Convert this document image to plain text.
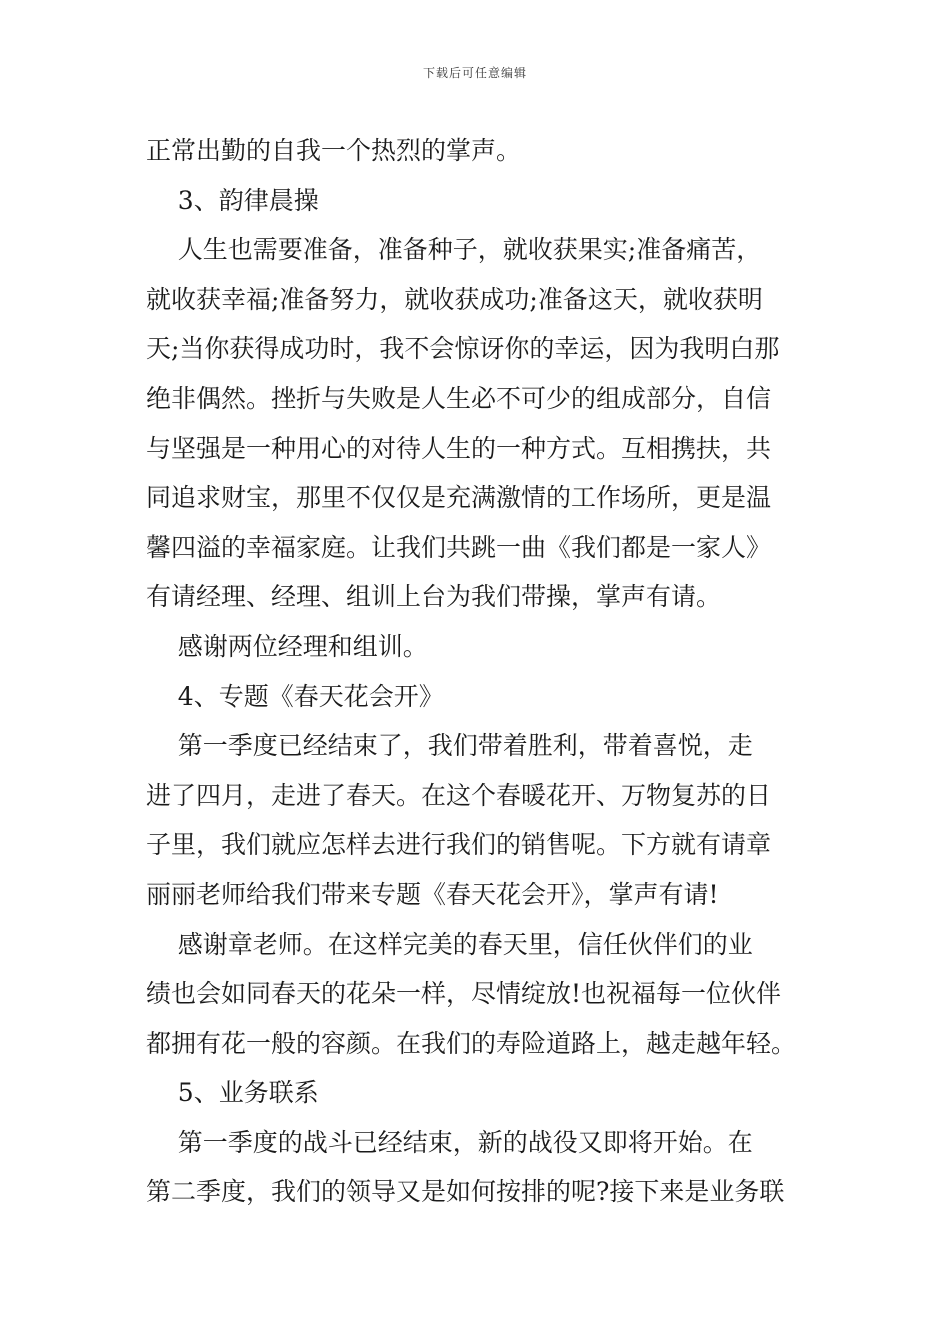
下载后可任意编辑

正常出勤的自我一个热烈的掌声。

3、韵律晨操

人生也需要准备，准备种子，就收获果实;准备痛苦，

就收获幸福;准备努力，就收获成功;准备这天，就收获明

天;当你获得成功时，我不会惊讶你的幸运，因为我明白那

绝非偶然。挫折与失败是人生必不可少的组成部分，自信

与坚强是一种用心的对待人生的一种方式。互相携扶，共

同追求财宝，那里不仅仅是充满激情的工作场所，更是温

馨四溢的幸福家庭。让我们共跳一曲《我们都是一家人》

有请经理、经理、组训上台为我们带操，掌声有请。

感谢两位经理和组训。

4、专题《春天花会开》

第一季度已经结束了，我们带着胜利，带着喜悦，走

进了四月，走进了春天。在这个春暖花开、万物复苏的日

子里，我们就应怎样去进行我们的销售呢。下方就有请章

丽丽老师给我们带来专题《春天花会开》，掌声有请!

感谢章老师。在这样完美的春天里，信任伙伴们的业

绩也会如同春天的花朵一样，尽情绽放!也祝福每一位伙伴

都拥有花一般的容颜。在我们的寿险道路上，越走越年轻。

5、业务联系

第一季度的战斗已经结束，新的战役又即将开始。在

第二季度，我们的领导又是如何按排的呢?接下来是业务联
